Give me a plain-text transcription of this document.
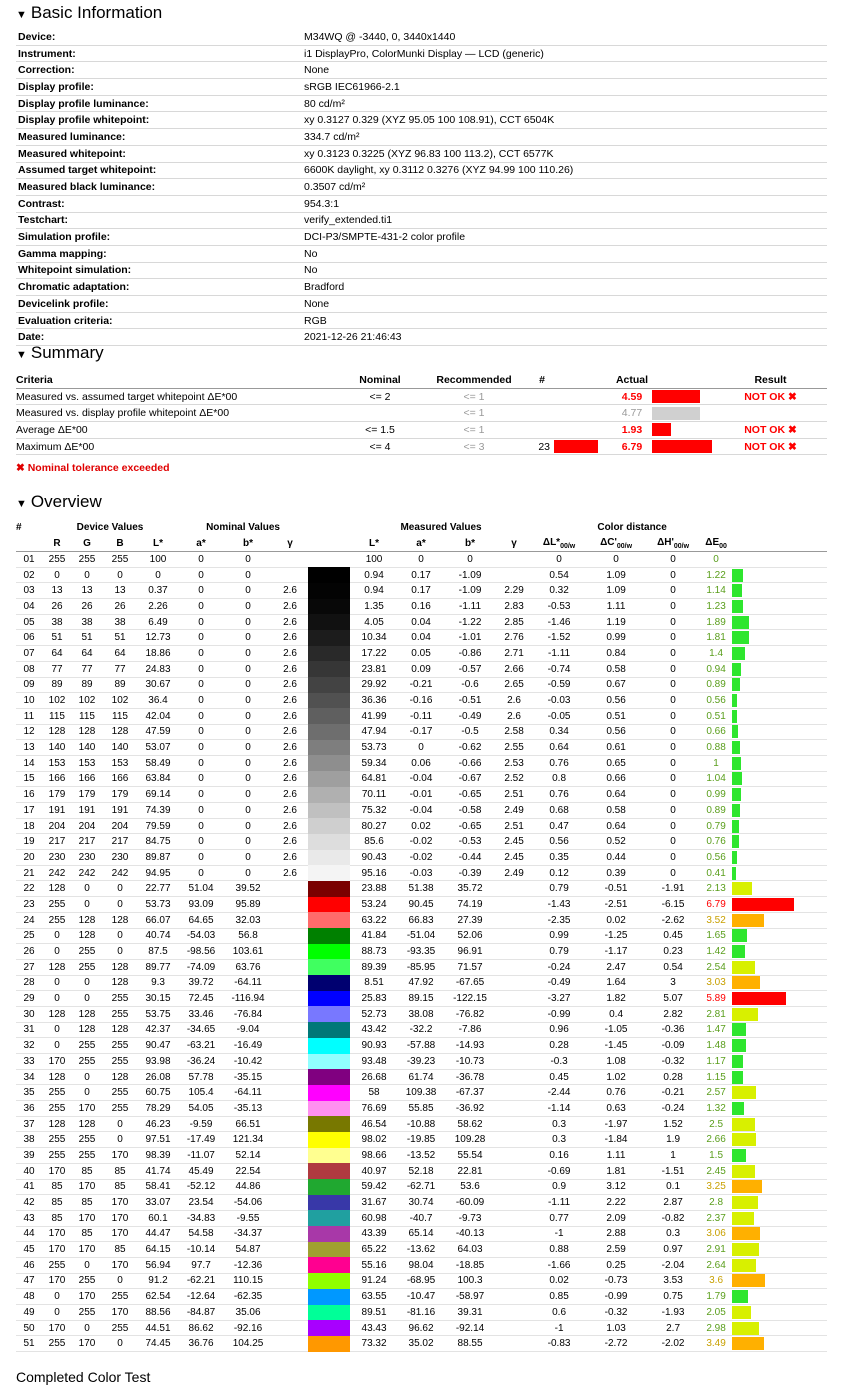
▼ Basic Information
Device:	M34WQ @ -3440, 0, 3440x1440
Instrument:	i1 DisplayPro, ColorMunki Display — LCD (generic)
Correction:	None
Display profile:	sRGB IEC61966-2.1
Display profile luminance:	80 cd/m²
Display profile whitepoint:	xy 0.3127 0.329 (XYZ 95.05 100 108.91), CCT 6504K
Measured luminance:	334.7 cd/m²
Measured whitepoint:	xy 0.3123 0.3225 (XYZ 96.83 100 113.2), CCT 6577K
Assumed target whitepoint:	6600K daylight, xy 0.3112 0.3276 (XYZ 94.99 100 110.26)
Measured black luminance:	0.3507 cd/m²
Contrast:	954.3:1
Testchart:	verify_extended.ti1
Simulation profile:	DCI-P3/SMPTE-431-2 color profile
Gamma mapping:	No
Whitepoint simulation:	No
Chromatic adaptation:	Bradford
Devicelink profile:	None
Evaluation criteria:	RGB
Date:	2021-12-26 21:46:43
▼ Summary
Criteria	Nominal	Recommended	#		Actual		Result
Measured vs. assumed target whitepoint ΔE*00	<= 2	<= 1			4.59		NOT OK ✖
Measured vs. display profile whitepoint ΔE*00		<= 1			4.77	

Average ΔE*00	<= 1.5	<= 1			1.93		NOT OK ✖
Maximum ΔE*00	<= 4	<= 3	23		6.79		NOT OK ✖
✖ Nominal tolerance exceeded
▼ Overview
#	Device Values				Nominal Values				Measured Values				Color distance				
	R	G	B	L*	a*	b*	γ		L*	a*	b*	γ	$\Delta L*_{00/w}$	$\Delta C'_{00/w}$	$\Delta H'_{00/w}$	$\Delta E_{00}$	
01	255	255	255	100	0	0			100	0	0		0	0	0	0	
02	0	0	0	0	0	0			0.94	0.17	-1.09		0.54	1.09	0	1.22	

03	13	13	13	0.37	0	0	2.6		0.94	0.17	-1.09	2.29	0.32	1.09	0	1.14	

04	26	26	26	2.26	0	0	2.6		1.35	0.16	-1.11	2.83	-0.53	1.11	0	1.23	

05	38	38	38	6.49	0	0	2.6		4.05	0.04	-1.22	2.85	-1.46	1.19	0	1.89	

06	51	51	51	12.73	0	0	2.6		10.34	0.04	-1.01	2.76	-1.52	0.99	0	1.81	

07	64	64	64	18.86	0	0	2.6		17.22	0.05	-0.86	2.71	-1.11	0.84	0	1.4	

08	77	77	77	24.83	0	0	2.6		23.81	0.09	-0.57	2.66	-0.74	0.58	0	0.94	

09	89	89	89	30.67	0	0	2.6		29.92	-0.21	-0.6	2.65	-0.59	0.67	0	0.89	

10	102	102	102	36.4	0	0	2.6		36.36	-0.16	-0.51	2.6	-0.03	0.56	0	0.56	

11	115	115	115	42.04	0	0	2.6		41.99	-0.11	-0.49	2.6	-0.05	0.51	0	0.51	

12	128	128	128	47.59	0	0	2.6		47.94	-0.17	-0.5	2.58	0.34	0.56	0	0.66	

13	140	140	140	53.07	0	0	2.6		53.73	0	-0.62	2.55	0.64	0.61	0	0.88	

14	153	153	153	58.49	0	0	2.6		59.34	0.06	-0.66	2.53	0.76	0.65	0	1	

15	166	166	166	63.84	0	0	2.6		64.81	-0.04	-0.67	2.52	0.8	0.66	0	1.04	

16	179	179	179	69.14	0	0	2.6		70.11	-0.01	-0.65	2.51	0.76	0.64	0	0.99	

17	191	191	191	74.39	0	0	2.6		75.32	-0.04	-0.58	2.49	0.68	0.58	0	0.89	

18	204	204	204	79.59	0	0	2.6		80.27	0.02	-0.65	2.51	0.47	0.64	0	0.79	

19	217	217	217	84.75	0	0	2.6		85.6	-0.02	-0.53	2.45	0.56	0.52	0	0.76	

20	230	230	230	89.87	0	0	2.6		90.43	-0.02	-0.44	2.45	0.35	0.44	0	0.56	

21	242	242	242	94.95	0	0	2.6		95.16	-0.03	-0.39	2.49	0.12	0.39	0	0.41	

22	128	0	0	22.77	51.04	39.52			23.88	51.38	35.72		0.79	-0.51	-1.91	2.13	

23	255	0	0	53.73	93.09	95.89			53.24	90.45	74.19		-1.43	-2.51	-6.15	6.79	

24	255	128	128	66.07	64.65	32.03			63.22	66.83	27.39		-2.35	0.02	-2.62	3.52	

25	0	128	0	40.74	-54.03	56.8			41.84	-51.04	52.06		0.99	-1.25	0.45	1.65	

26	0	255	0	87.5	-98.56	103.61			88.73	-93.35	96.91		0.79	-1.17	0.23	1.42	

27	128	255	128	89.77	-74.09	63.76			89.39	-85.95	71.57		-0.24	2.47	0.54	2.54	

28	0	0	128	9.3	39.72	-64.11			8.51	47.92	-67.65		-0.49	1.64	3	3.03	

29	0	0	255	30.15	72.45	-116.94			25.83	89.15	-122.15		-3.27	1.82	5.07	5.89	

30	128	128	255	53.75	33.46	-76.84			52.73	38.08	-76.82		-0.99	0.4	2.82	2.81	

31	0	128	128	42.37	-34.65	-9.04			43.42	-32.2	-7.86		0.96	-1.05	-0.36	1.47	

32	0	255	255	90.47	-63.21	-16.49			90.93	-57.88	-14.93		0.28	-1.45	-0.09	1.48	

33	170	255	255	93.98	-36.24	-10.42			93.48	-39.23	-10.73		-0.3	1.08	-0.32	1.17	

34	128	0	128	26.08	57.78	-35.15			26.68	61.74	-36.78		0.45	1.02	0.28	1.15	

35	255	0	255	60.75	105.4	-64.11			58	109.38	-67.37		-2.44	0.76	-0.21	2.57	

36	255	170	255	78.29	54.05	-35.13			76.69	55.85	-36.92		-1.14	0.63	-0.24	1.32	

37	128	128	0	46.23	-9.59	66.51			46.54	-10.88	58.62		0.3	-1.97	1.52	2.5	

38	255	255	0	97.51	-17.49	121.34			98.02	-19.85	109.28		0.3	-1.84	1.9	2.66	

39	255	255	170	98.39	-11.07	52.14			98.66	-13.52	55.54		0.16	1.11	1	1.5	

40	170	85	85	41.74	45.49	22.54			40.97	52.18	22.81		-0.69	1.81	-1.51	2.45	

41	85	170	85	58.41	-52.12	44.86			59.42	-62.71	53.6		0.9	3.12	0.1	3.25	

42	85	85	170	33.07	23.54	-54.06			31.67	30.74	-60.09		-1.11	2.22	2.87	2.8	

43	85	170	170	60.1	-34.83	-9.55			60.98	-40.7	-9.73		0.77	2.09	-0.82	2.37	

44	170	85	170	44.47	54.58	-34.37			43.39	65.14	-40.13		-1	2.88	0.3	3.06	

45	170	170	85	64.15	-10.14	54.87			65.22	-13.62	64.03		0.88	2.59	0.97	2.91	

46	255	0	170	56.94	97.7	-12.36			55.16	98.04	-18.85		-1.66	0.25	-2.04	2.64	

47	170	255	0	91.2	-62.21	110.15			91.24	-68.95	100.3		0.02	-0.73	3.53	3.6	

48	0	170	255	62.54	-12.64	-62.35			63.55	-10.47	-58.97		0.85	-0.99	0.75	1.79	

49	0	255	170	88.56	-84.87	35.06			89.51	-81.16	39.31		0.6	-0.32	-1.93	2.05	

50	170	0	255	44.51	86.62	-92.16			43.43	96.62	-92.14		-1	1.03	2.7	2.98	

51	255	170	0	74.45	36.76	104.25			73.32	35.02	88.55		-0.83	-2.72	-2.02	3.49	
Completed Color Test
